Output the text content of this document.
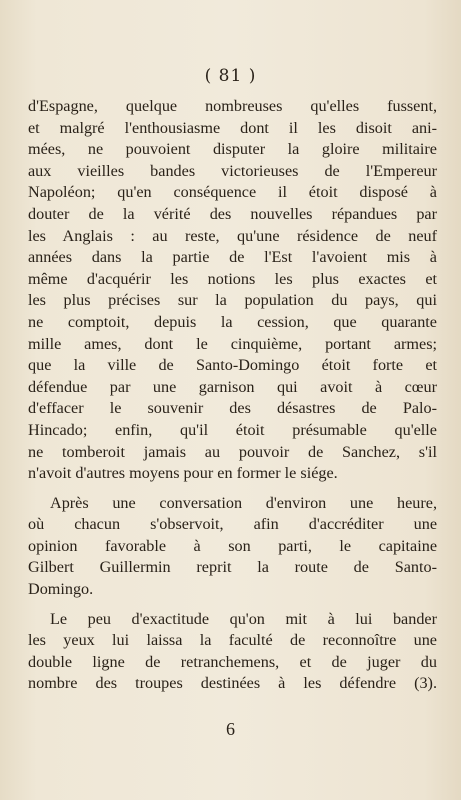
( 81 )
d'Espagne, quelque nombreuses qu'elles fussent,
et malgré l'enthousiasme dont il les disoit ani-
mées, ne pouvoient disputer la gloire militaire
aux vieilles bandes victorieuses de l'Empereur
Napoléon; qu'en conséquence il étoit disposé à
douter de la vérité des nouvelles répandues par
les Anglais : au reste, qu'une résidence de neuf
années dans la partie de l'Est l'avoient mis à
même d'acquérir les notions les plus exactes et
les plus précises sur la population du pays, qui
ne comptoit, depuis la cession, que quarante
mille ames, dont le cinquième, portant armes;
que la ville de Santo-Domingo étoit forte et
défendue par une garnison qui avoit à cœur
d'effacer le souvenir des désastres de Palo-
Hincado; enfin, qu'il étoit présumable qu'elle
ne tomberoit jamais au pouvoir de Sanchez, s'il
n'avoit d'autres moyens pour en former le siége.
Après une conversation d'environ une heure,
où chacun s'observoit, afin d'accréditer une
opinion favorable à son parti, le capitaine
Gilbert Guillermin reprit la route de Santo-
Domingo.
Le peu d'exactitude qu'on mit à lui bander
les yeux lui laissa la faculté de reconnoître une
double ligne de retranchemens, et de juger du
nombre des troupes destinées à les défendre (3).
6
